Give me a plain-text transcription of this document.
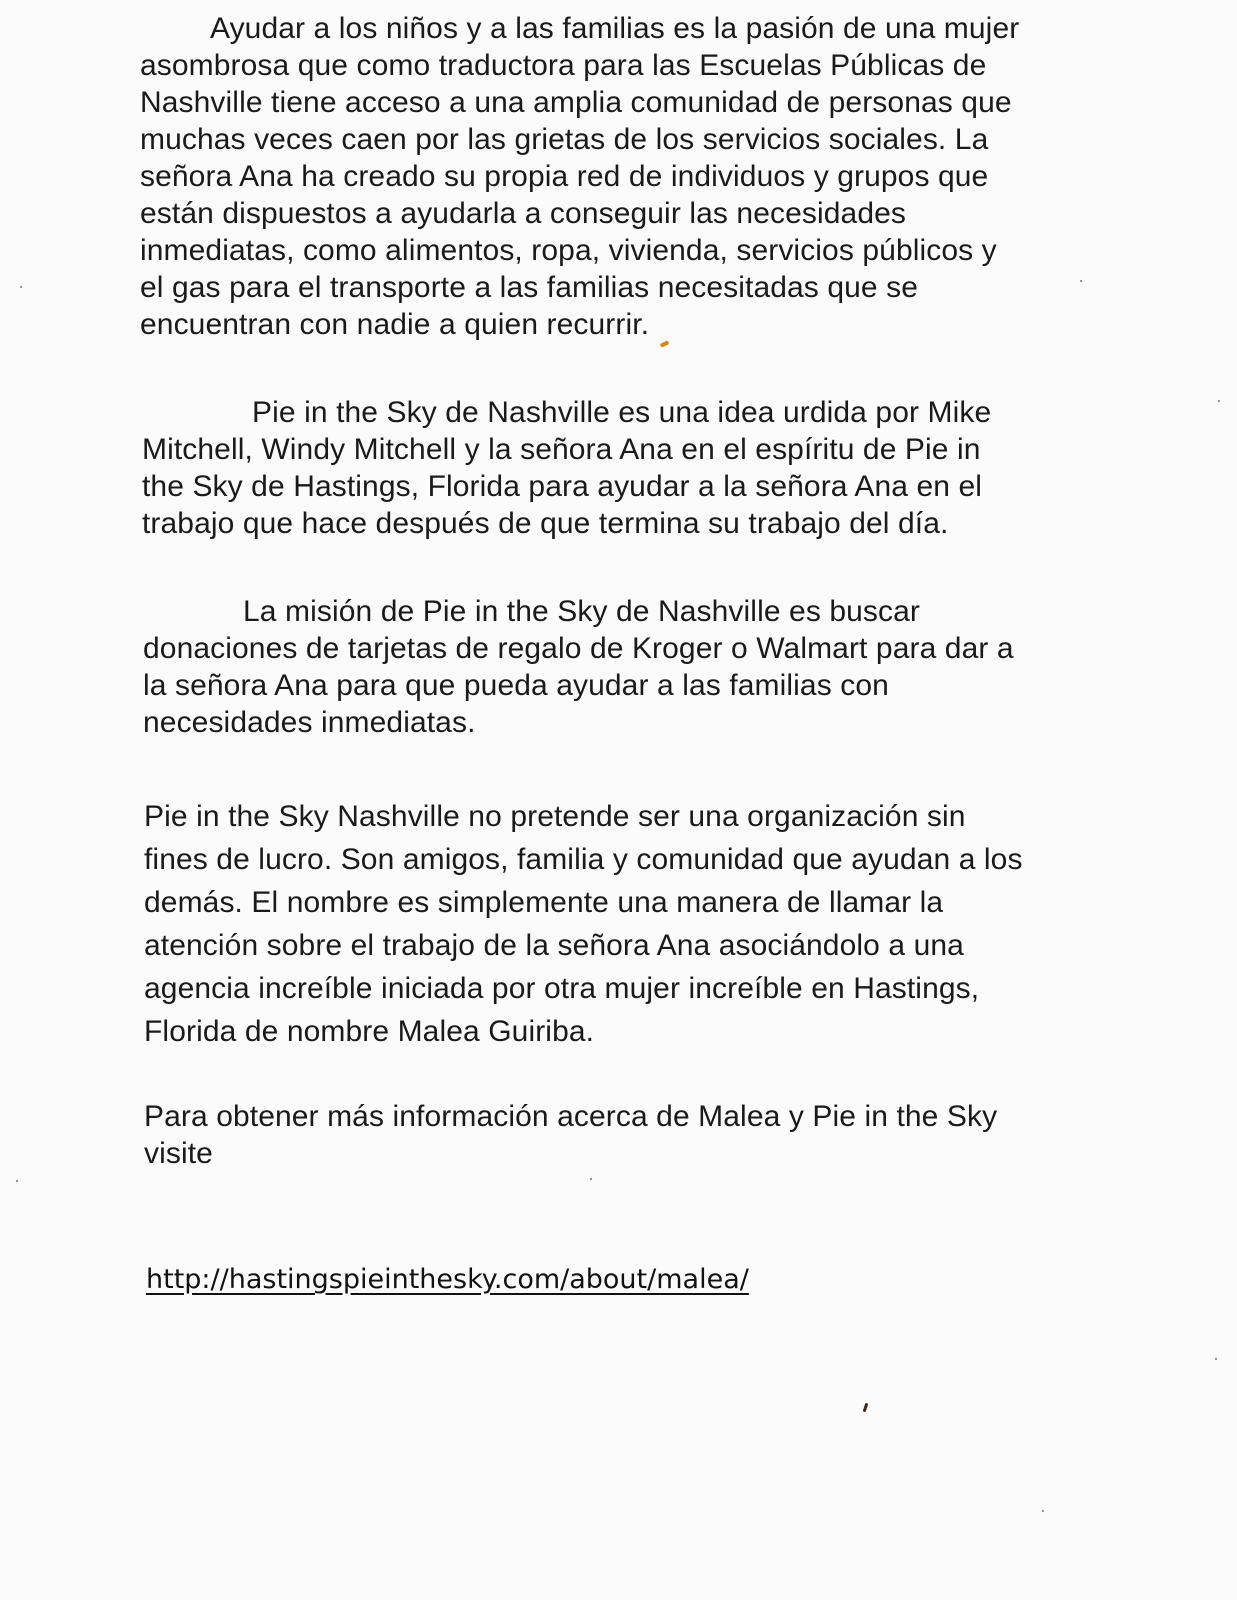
Ayudar a los niños y a las familias es la pasión de una mujer
asombrosa que como traductora para las Escuelas Públicas de
Nashville tiene acceso a una amplia comunidad de personas que
muchas veces caen por las grietas de los servicios sociales. La
señora Ana ha creado su propia red de individuos y grupos que
están dispuestos a ayudarla a conseguir las necesidades
inmediatas, como alimentos, ropa, vivienda, servicios públicos y
el gas para el transporte a las familias necesitadas que se
encuentran con nadie a quien recurrir.
Pie in the Sky de Nashville es una idea urdida por Mike
Mitchell, Windy Mitchell y la señora Ana en el espíritu de Pie in
the Sky de Hastings, Florida para ayudar a la señora Ana en el
trabajo que hace después de que termina su trabajo del día.
La misión de Pie in the Sky de Nashville es buscar
donaciones de tarjetas de regalo de Kroger o Walmart para dar a
la señora Ana para que pueda ayudar a las familias con
necesidades inmediatas.
Pie in the Sky Nashville no pretende ser una organización sin
fines de lucro. Son amigos, familia y comunidad que ayudan a los
demás. El nombre es simplemente una manera de llamar la
atención sobre el trabajo de la señora Ana asociándolo a una
agencia increíble iniciada por otra mujer increíble en Hastings,
Florida de nombre Malea Guiriba.
Para obtener más información acerca de Malea y Pie in the Sky
visite
http://hastingspieinthesky.com/about/malea/
